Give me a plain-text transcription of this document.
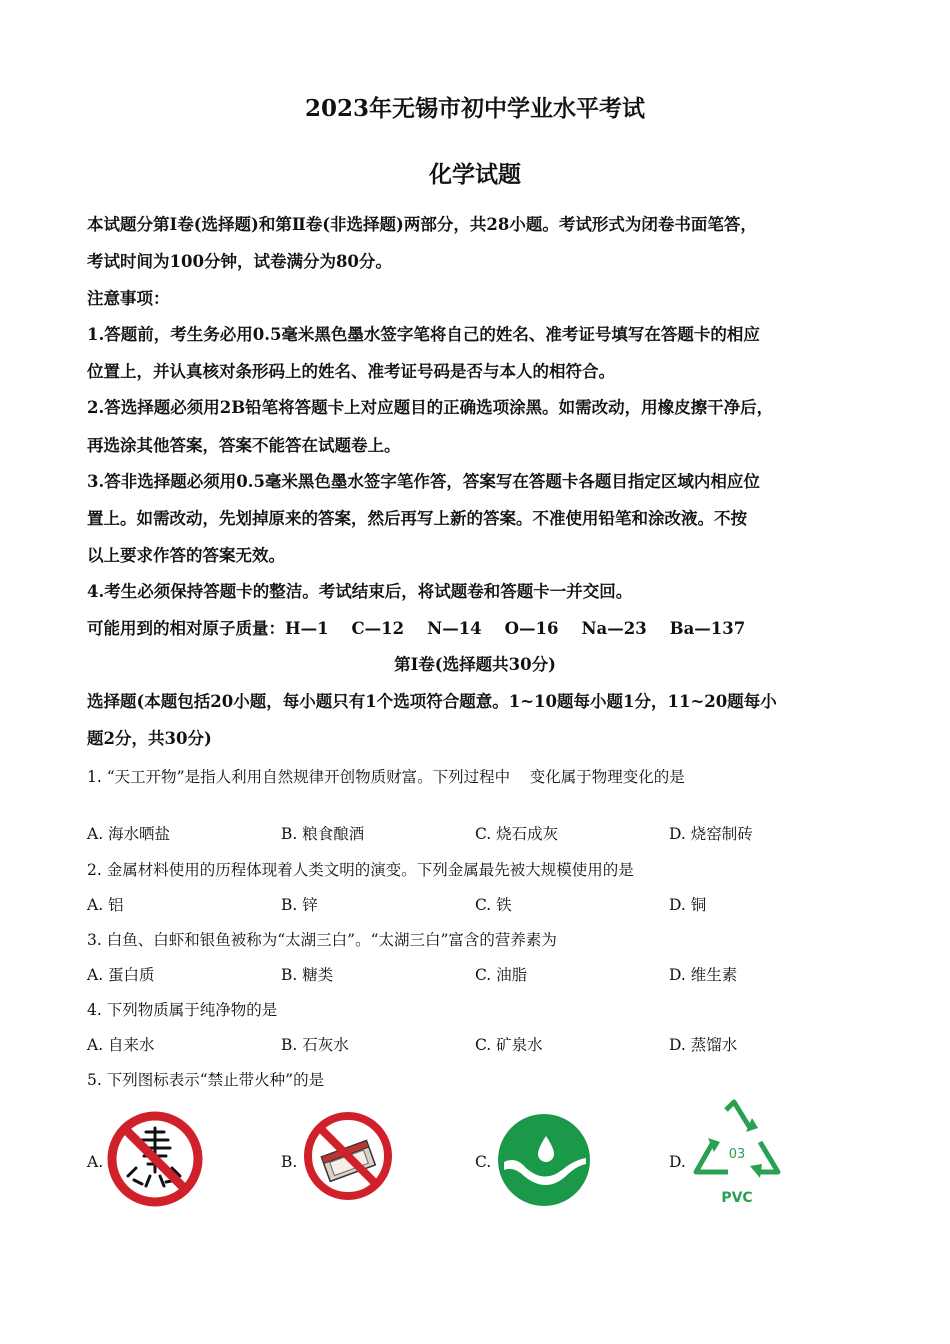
2023年无锡市初中学业水平考试
化学试题
本试题分第Ⅰ卷(选择题)和第Ⅱ卷(非选择题)两部分，共28小题。考试形式为闭卷书面笔答，
考试时间为100分钟，试卷满分为80分。
注意事项：
1.答题前，考生务必用0.5毫米黑色墨水签字笔将自己的姓名、准考证号填写在答题卡的相应
位置上，并认真核对条形码上的姓名、准考证号码是否与本人的相符合。
2.答选择题必须用2B铅笔将答题卡上对应题目的正确选项涂黑。如需改动，用橡皮擦干净后，
再选涂其他答案，答案不能答在试题卷上。
3.答非选择题必须用0.5毫米黑色墨水签字笔作答，答案写在答题卡各题目指定区域内相应位
置上。如需改动，先划掉原来的答案，然后再写上新的答案。不准使用铅笔和涂改液。不按
以上要求作答的答案无效。
4.考生必须保持答题卡的整洁。考试结束后，将试题卷和答题卡一并交回。
可能用到的相对原子质量：H—1    C—12    N—14    O—16    Na—23    Ba—137
第Ⅰ卷(选择题共30分)
选择题(本题包括20小题，每小题只有1个选项符合题意。1~10题每小题1分，11~20题每小
题2分，共30分)
1. “天工开物”是指人利用自然规律开创物质财富。下列过程中    变化属于物理变化的是
A. 海水晒盐	B. 粮食酿酒	C. 烧石成灰	D. 烧窑制砖
2. 金属材料使用的历程体现着人类文明的演变。下列金属最先被大规模使用的是
A. 铝	B. 锌	C. 铁	D. 铜
3. 白鱼、白虾和银鱼被称为“太湖三白”。“太湖三白”富含的营养素为
A. 蛋白质	B. 糖类	C. 油脂	D. 维生素
4. 下列物质属于纯净物的是
A. 自来水	B. 石灰水	C. 矿泉水	D. 蒸馏水
5. 下列图标表示“禁止带火种”的是
A.	B.	C.	D.	03
PVC
